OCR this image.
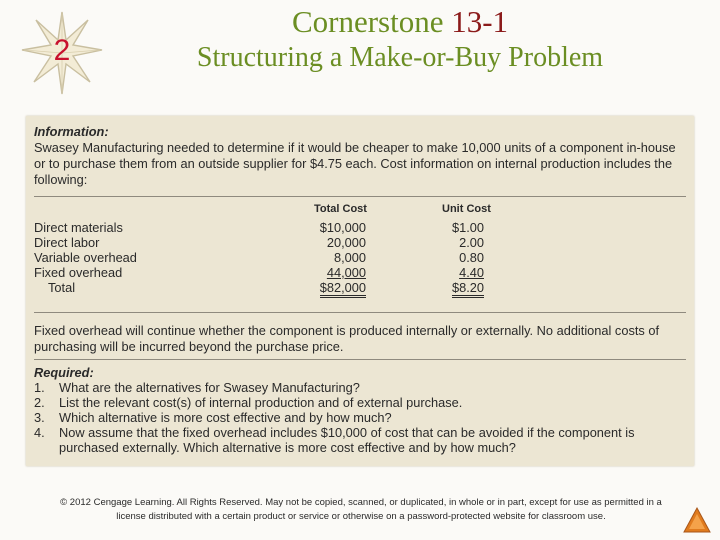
2
Cornerstone 13-1
Structuring a Make-or-Buy Problem
Information:
Swasey Manufacturing needed to determine if it would be cheaper to make 10,000 units of a component in-house
or to purchase them from an outside supplier for $4.75 each. Cost information on internal production includes the
following:
Total Cost	Unit Cost
Direct materials	$10,000	$1.00
Direct labor	20,000	2.00
Variable overhead	8,000	0.80
Fixed overhead	44,000	4.40
Total	$82,000	$8.20
Fixed overhead will continue whether the component is produced internally or externally. No additional costs of
purchasing will be incurred beyond the purchase price.
Required:
1. What are the alternatives for Swasey Manufacturing?
2. List the relevant cost(s) of internal production and of external purchase.
3. Which alternative is more cost effective and by how much?
4. Now assume that the fixed overhead includes $10,000 of cost that can be avoided if the component is
purchased externally. Which alternative is more cost effective and by how much?
© 2012 Cengage Learning. All Rights Reserved. May not be copied, scanned, or duplicated, in whole or in part, except for use as permitted in a
license distributed with a certain product or service or otherwise on a password-protected website for classroom use.
